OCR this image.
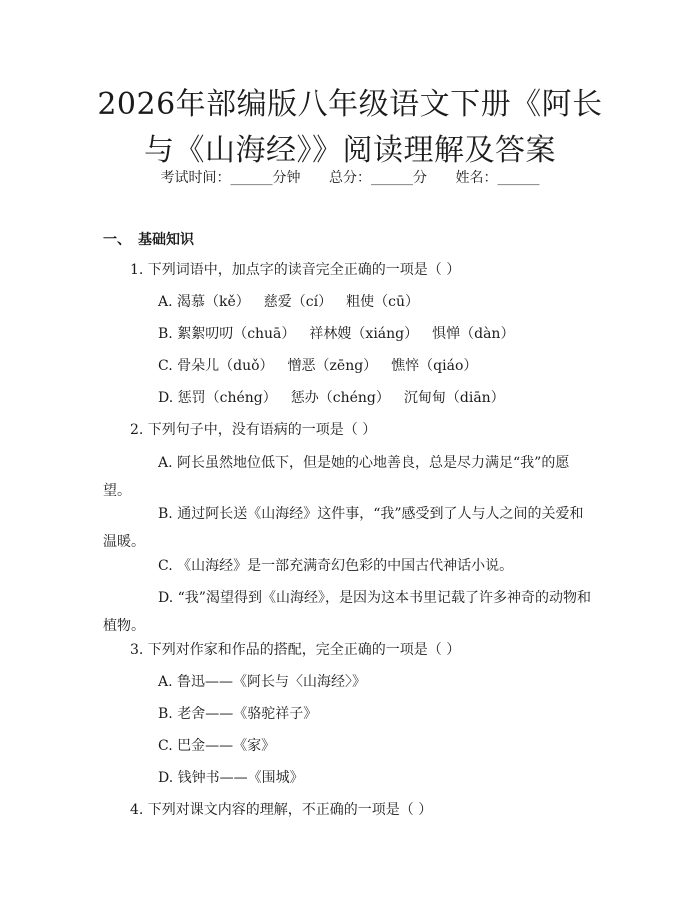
2026年部编版八年级语文下册《阿长与《山海经》》阅读理解及答案
考试时间：______分钟 总分：______分 姓名：______
一、 基础知识
1. 下列词语中，加点字的读音完全正确的一项是（ ）
A. 渴慕（kě） 慈爱（cí） 粗使（cū）
B. 絮絮叨叨（chuā） 祥林嫂（xiáng） 惧惮（dàn）
C. 骨朵儿（duǒ） 憎恶（zēng） 憔悴（qiáo）
D. 惩罚（chéng） 惩办（chéng） 沉甸甸（diān）
2. 下列句子中，没有语病的一项是（ ）
A. 阿长虽然地位低下，但是她的心地善良，总是尽力满足“我”的愿望。
B. 通过阿长送《山海经》这件事，“我”感受到了人与人之间的关爱和温暖。
C. 《山海经》是一部充满奇幻色彩的中国古代神话小说。
D. “我”渴望得到《山海经》，是因为这本书里记载了许多神奇的动物和植物。
3. 下列对作家和作品的搭配，完全正确的一项是（ ）
A. 鲁迅——《阿长与〈山海经〉》
B. 老舍——《骆驼祥子》
C. 巴金——《家》
D. 钱钟书——《围城》
4. 下列对课文内容的理解，不正确的一项是（ ）
